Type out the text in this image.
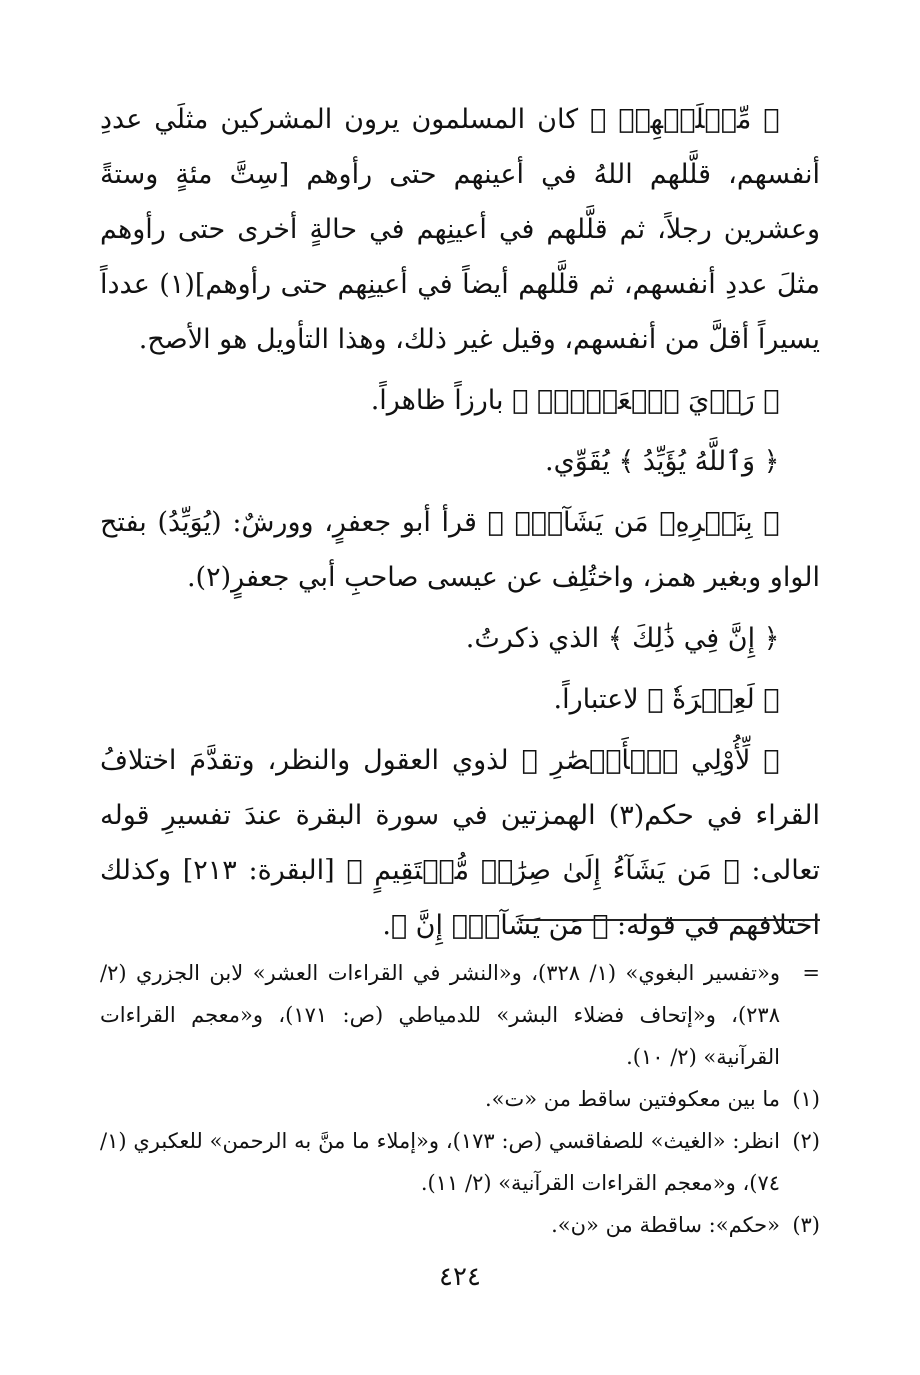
﴿ مِّثۡلَيۡهِمۡ ﴾ كان المسلمون يرون المشركين مثلَي عددِ أنفسهم، قلَّلهم اللهُ في أعينهم حتى رأوهم [سِتَّ مئةٍ وستةً وعشرين رجلاً، ثم قلَّلهم في أعينِهم في حالةٍ أخرى حتى رأوهم مثلَ عددِ أنفسهم، ثم قلَّلهم أيضاً في أعينِهم حتى رأوهم](١) عدداً يسيراً أقلَّ من أنفسهم، وقيل غير ذلك، وهذا التأويل هو الأصح.

﴿ رَأۡيَ ٱلۡعَيۡنِۚ ﴾ بارزاً ظاهراً.

﴿ وَٱللَّهُ يُؤَيِّدُ ﴾ يُقَوِّي.

﴿ بِنَصۡرِهِۦ مَن يَشَآءُۚ ﴾ قرأ أبو جعفرٍ، وورشٌ: (يُوَيِّدُ) بفتح الواو وبغير همز، واختُلِف عن عيسى صاحبِ أبي جعفرٍ(٢).

﴿ إِنَّ فِي ذَٰلِكَ ﴾ الذي ذكرتُ.

﴿ لَعِبۡرَةٗ ﴾ لاعتباراً.

﴿ لِّأُوْلِي ٱلۡأَبۡصَٰرِ ﴾ لذوي العقول والنظر، وتقدَّمَ اختلافُ القراء في حكم(٣) الهمزتين في سورة البقرة عندَ تفسيرِ قوله تعالى: ﴿ مَن يَشَآءُ إِلَىٰ صِرَٰطٖ مُّسۡتَقِيمٍ ﴾ [البقرة: ٢١٣] وكذلك اختلافهم في قوله: ﴿ مَن يَشَآءُۗ إِنَّ ﴾.

=
و«تفسير البغوي» (١/ ٣٢٨)، و«النشر في القراءات العشر» لابن الجزري (٢/ ٢٣٨)، و«إتحاف فضلاء البشر» للدمياطي (ص: ١٧١)، و«معجم القراءات القرآنية» (٢/ ١٠).
(١)
ما بين معكوفتين ساقط من «ت».
(٢)
انظر: «الغيث» للصفاقسي (ص: ١٧٣)، و«إملاء ما منَّ به الرحمن» للعكبري (١/ ٧٤)، و«معجم القراءات القرآنية» (٢/ ١١).
(٣)
«حكم»: ساقطة من «ن».
٤٢٤
